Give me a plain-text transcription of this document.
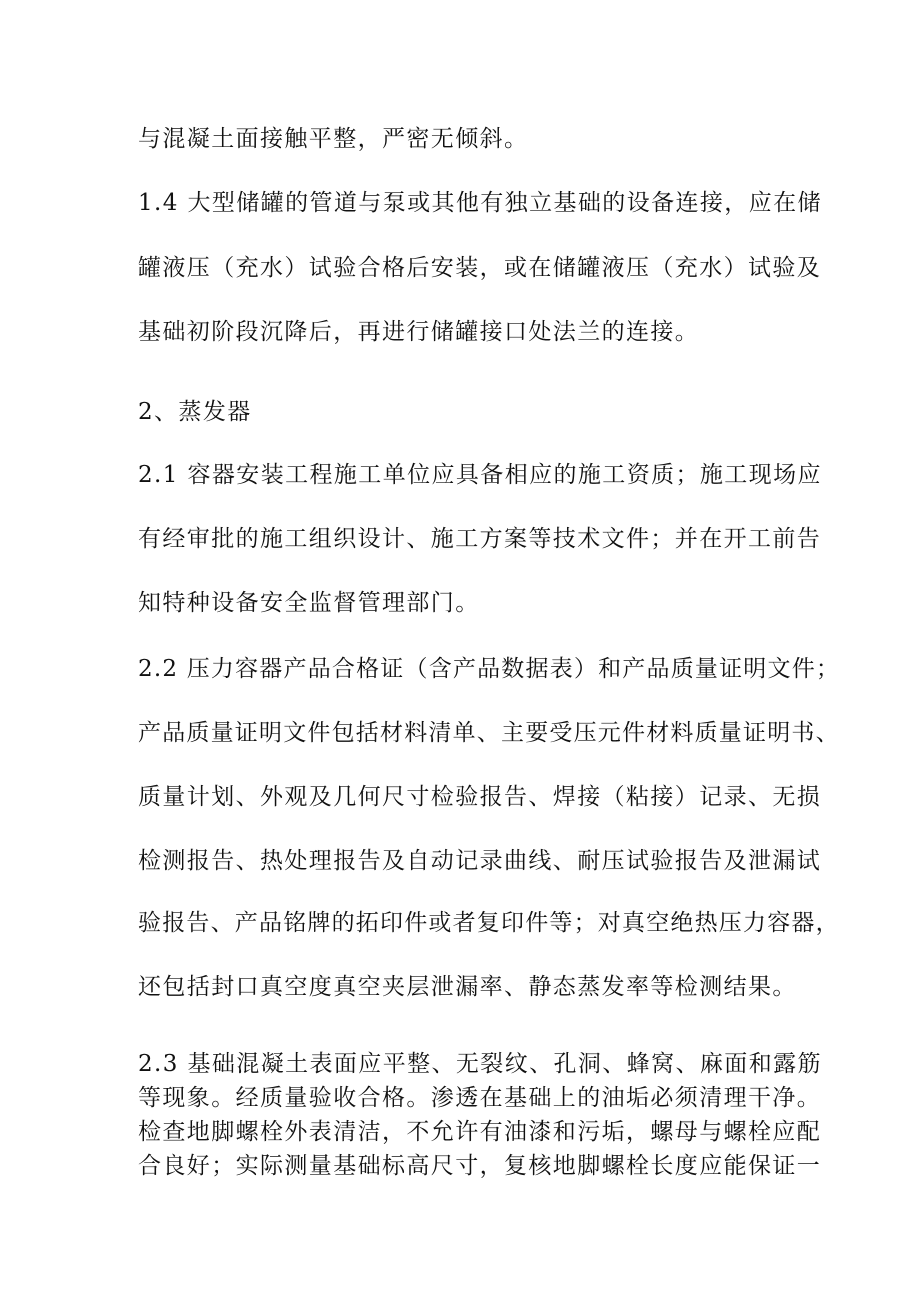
与混凝土面接触平整，严密无倾斜。
1.4 大型储罐的管道与泵或其他有独立基础的设备连接，应在储
罐液压（充水）试验合格后安装，或在储罐液压（充水）试验及
基础初阶段沉降后，再进行储罐接口处法兰的连接。
2、蒸发器
2.1 容器安装工程施工单位应具备相应的施工资质；施工现场应
有经审批的施工组织设计、施工方案等技术文件；并在开工前告
知特种设备安全监督管理部门。
2.2 压力容器产品合格证（含产品数据表）和产品质量证明文件；
产品质量证明文件包括材料清单、主要受压元件材料质量证明书、
质量计划、外观及几何尺寸检验报告、焊接（粘接）记录、无损
检测报告、热处理报告及自动记录曲线、耐压试验报告及泄漏试
验报告、产品铭牌的拓印件或者复印件等；对真空绝热压力容器，
还包括封口真空度真空夹层泄漏率、静态蒸发率等检测结果。
2.3 基础混凝土表面应平整、无裂纹、孔洞、蜂窝、麻面和露筋
等现象。经质量验收合格。渗透在基础上的油垢必须清理干净。
检查地脚螺栓外表清洁，不允许有油漆和污垢，螺母与螺栓应配
合良好；实际测量基础标高尺寸，复核地脚螺栓长度应能保证一
